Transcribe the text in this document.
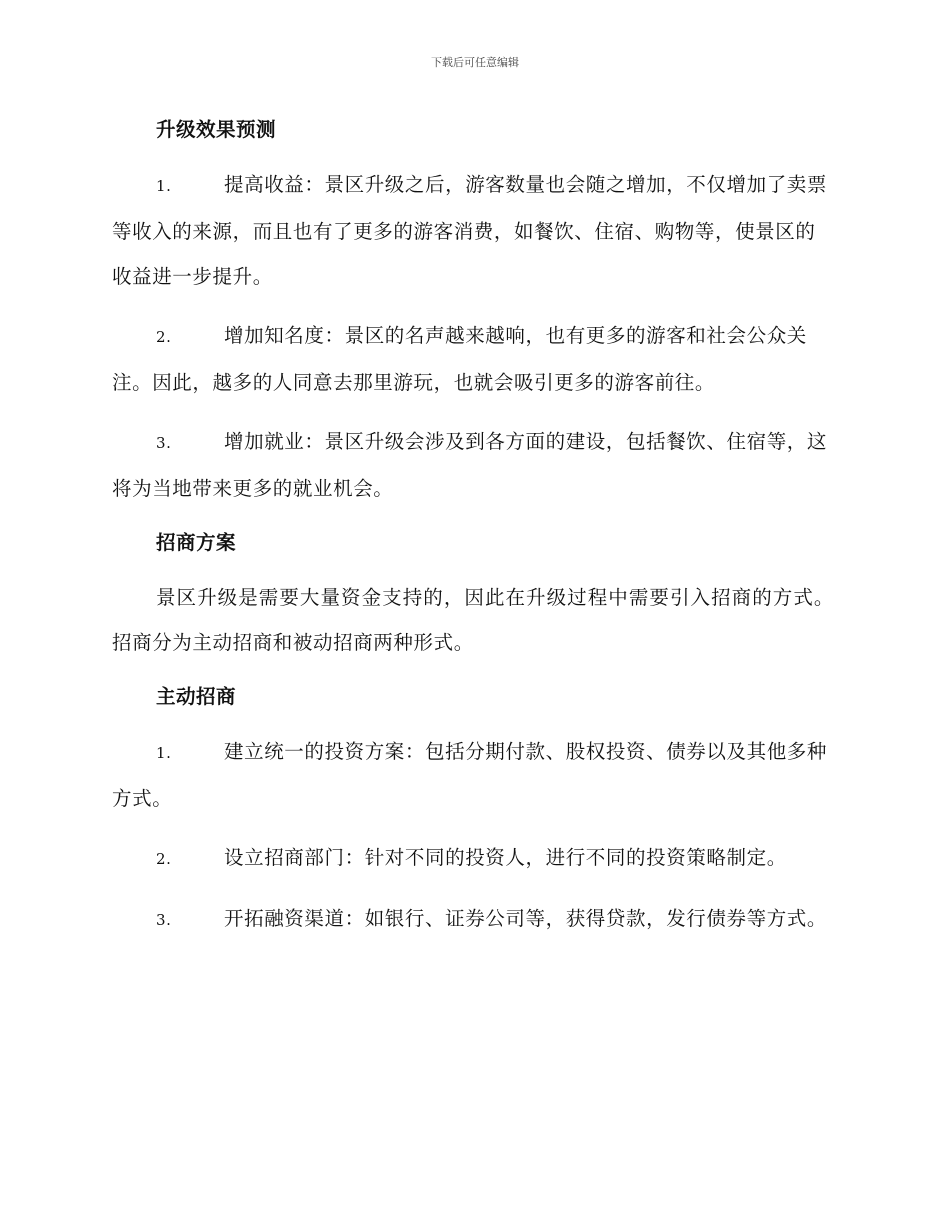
下载后可任意编辑
升级效果预测
1.	提高收益：景区升级之后，游客数量也会随之增加，不仅增加了卖票等收入的来源，而且也有了更多的游客消费，如餐饮、住宿、购物等，使景区的收益进一步提升。
2.	增加知名度：景区的名声越来越响，也有更多的游客和社会公众关注。因此，越多的人同意去那里游玩，也就会吸引更多的游客前往。
3.	增加就业：景区升级会涉及到各方面的建设，包括餐饮、住宿等，这将为当地带来更多的就业机会。
招商方案
景区升级是需要大量资金支持的，因此在升级过程中需要引入招商的方式。招商分为主动招商和被动招商两种形式。
主动招商
1.	建立统一的投资方案：包括分期付款、股权投资、债券以及其他多种方式。
2.	设立招商部门：针对不同的投资人，进行不同的投资策略制定。
3.	开拓融资渠道：如银行、证券公司等，获得贷款，发行债券等方式。
